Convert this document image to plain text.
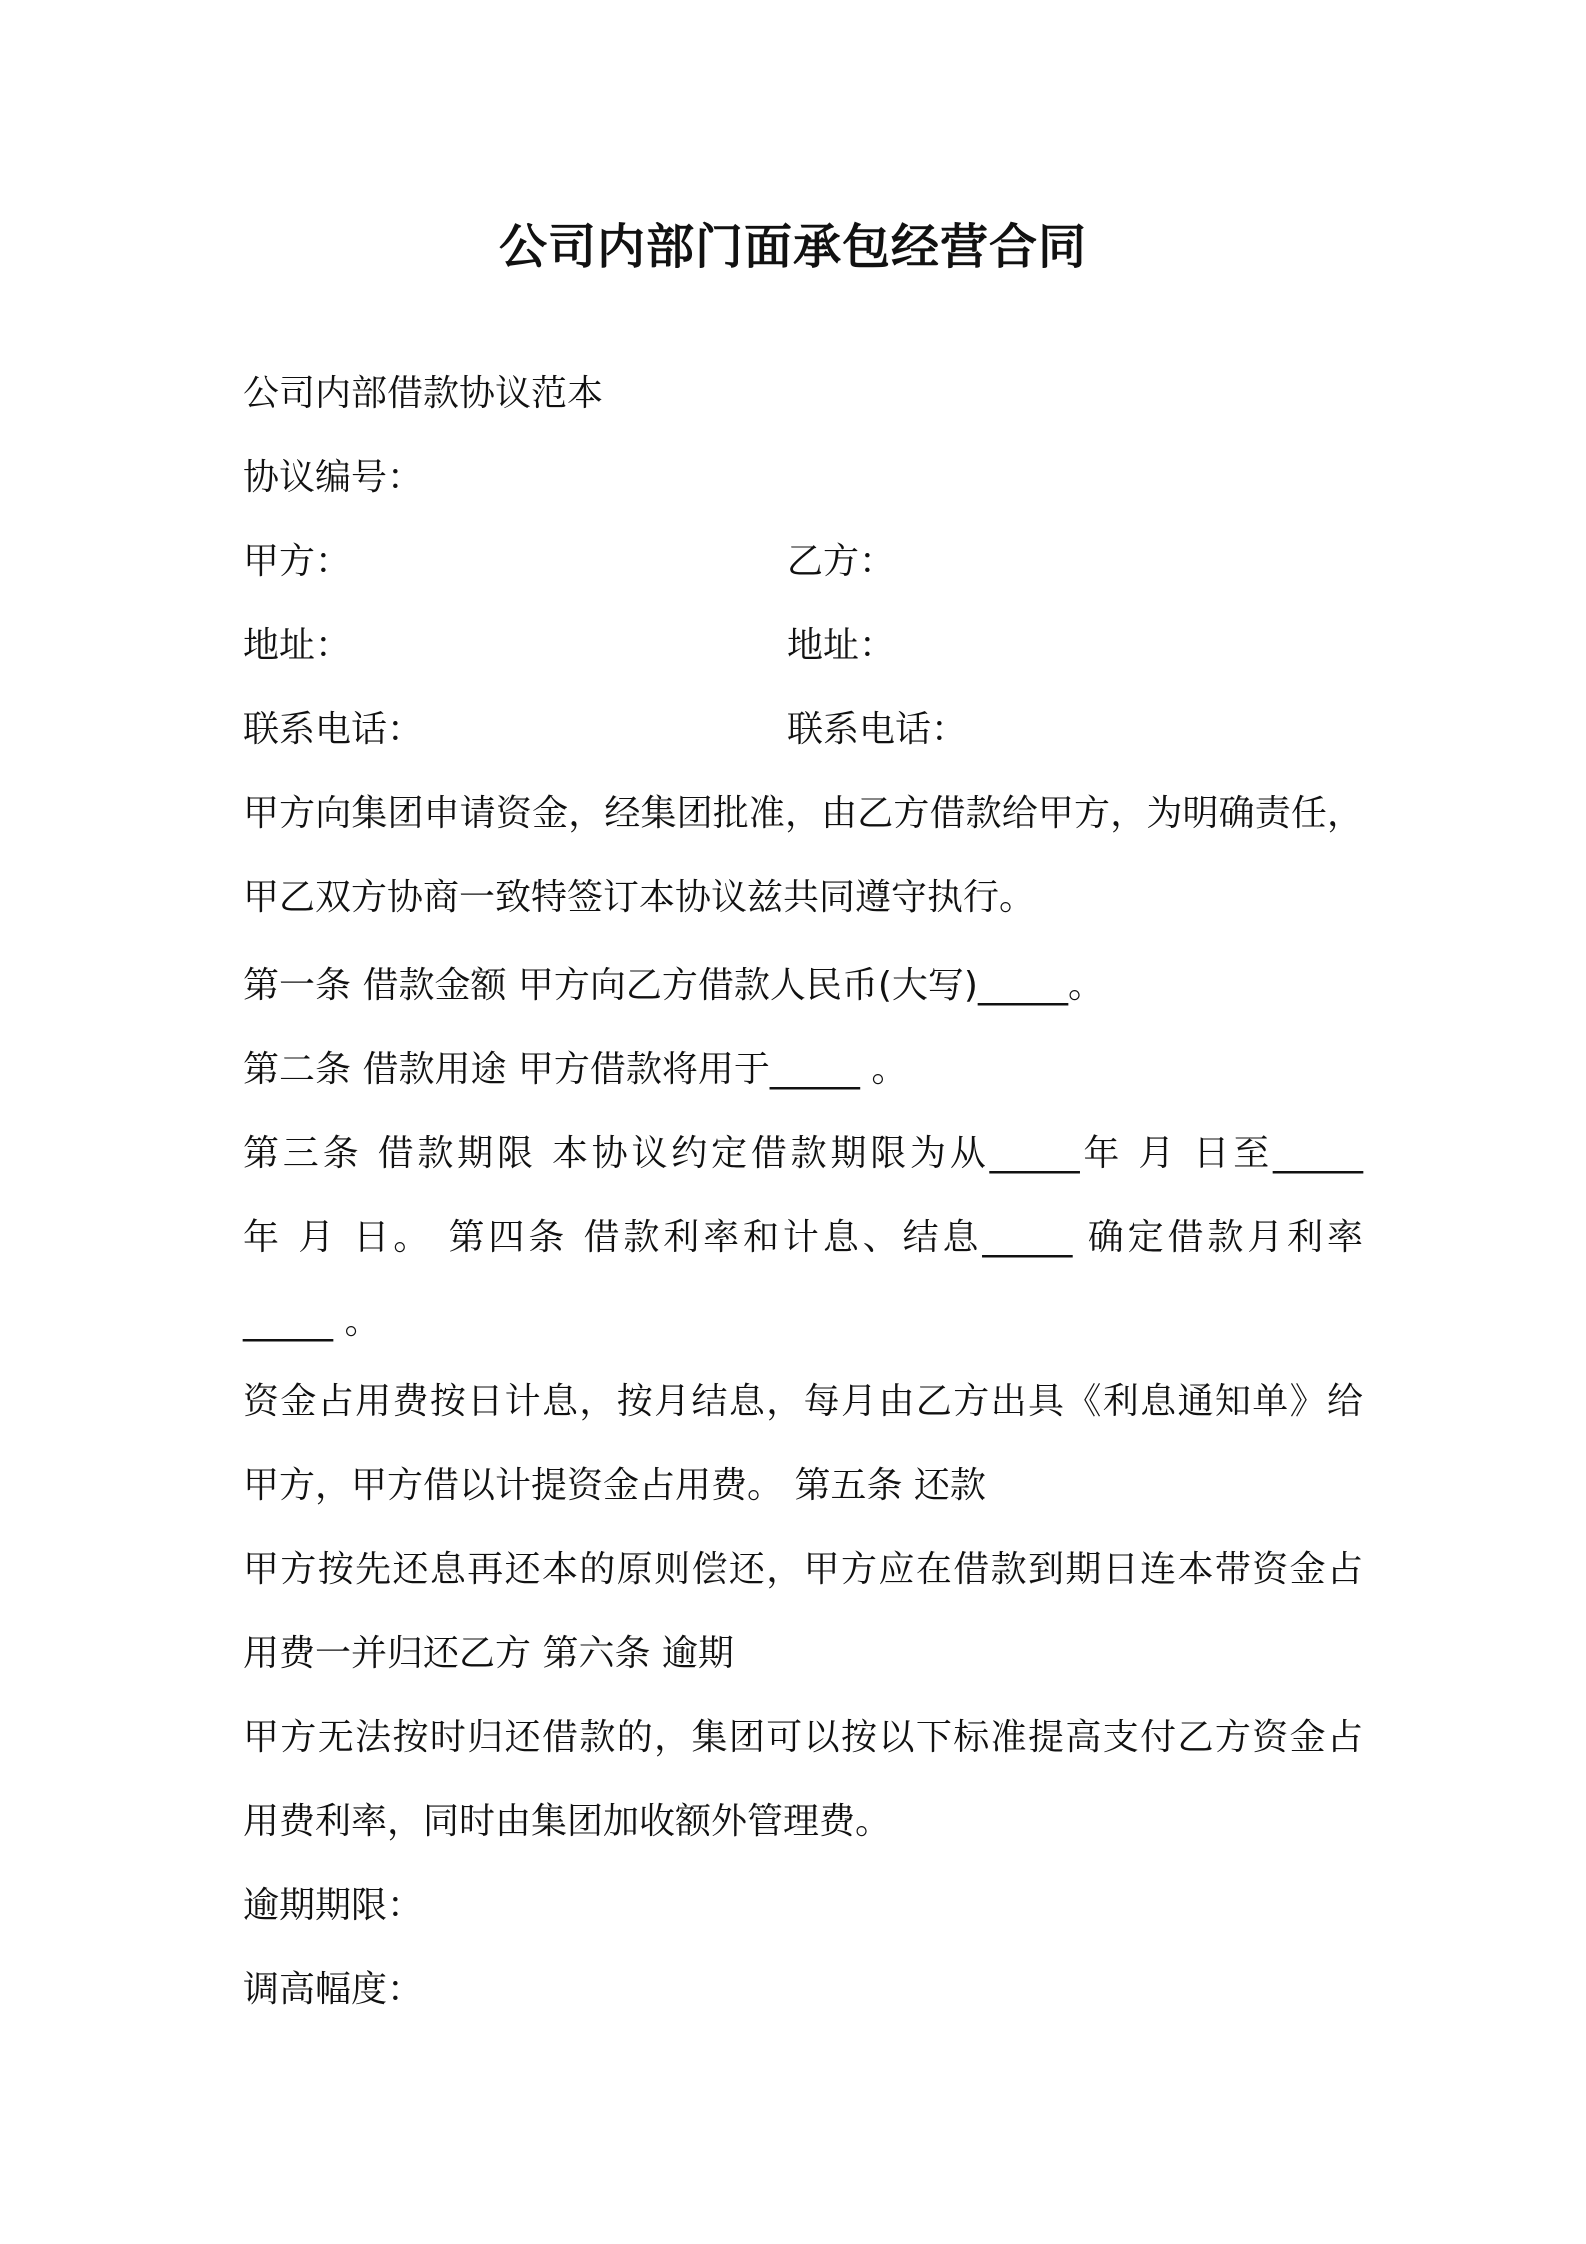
公司内部门面承包经营合同

公司内部借款协议范本

协议编号：

甲方：	乙方：

地址：	地址：

联系电话：	联系电话：

甲方向集团申请资金，经集团批准，由乙方借款给甲方，为明确责任，

甲乙双方协商一致特签订本协议兹共同遵守执行。

第一条 借款金额 甲方向乙方借款人民币(大写)_____。

第二条 借款用途 甲方借款将用于_____ 。

第三条 借款期限 本协议约定借款期限为从_____年 月 日至_____

年 月 日。 第四条 借款利率和计息、结息_____ 确定借款月利率

_____ 。

资金占用费按日计息，按月结息，每月由乙方出具《利息通知单》给

甲方，甲方借以计提资金占用费。 第五条 还款

甲方按先还息再还本的原则偿还，甲方应在借款到期日连本带资金占

用费一并归还乙方 第六条 逾期

甲方无法按时归还借款的，集团可以按以下标准提高支付乙方资金占

用费利率，同时由集团加收额外管理费。

逾期期限：

调高幅度：
